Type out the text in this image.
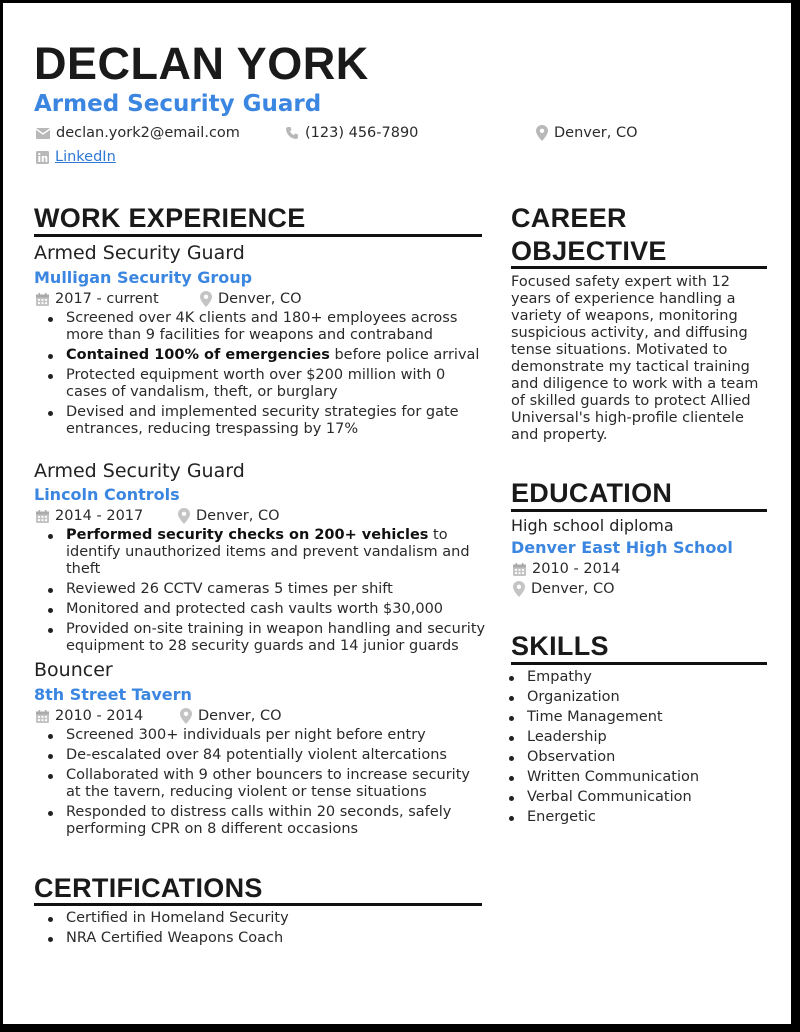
DECLAN YORK
Armed Security Guard
declan.york2@email.com	(123) 456-7890	Denver, CO
LinkedIn
WORK EXPERIENCE
Armed Security Guard
Mulligan Security Group
2017 - current	Denver, CO
Screened over 4K clients and 180+ employees across more than 9 facilities for weapons and contraband
Contained 100% of emergencies before police arrival
Protected equipment worth over $200 million with 0 cases of vandalism, theft, or burglary
Devised and implemented security strategies for gate entrances, reducing trespassing by 17%
Armed Security Guard
Lincoln Controls
2014 - 2017	Denver, CO
Performed security checks on 200+ vehicles to identify unauthorized items and prevent vandalism and theft
Reviewed 26 CCTV cameras 5 times per shift
Monitored and protected cash vaults worth $30,000
Provided on-site training in weapon handling and security equipment to 28 security guards and 14 junior guards
Bouncer
8th Street Tavern
2010 - 2014	Denver, CO
Screened 300+ individuals per night before entry
De-escalated over 84 potentially violent altercations
Collaborated with 9 other bouncers to increase security at the tavern, reducing violent or tense situations
Responded to distress calls within 20 seconds, safely performing CPR on 8 different occasions
CERTIFICATIONS
Certified in Homeland Security
NRA Certified Weapons Coach
CAREER
OBJECTIVE
Focused safety expert with 12 years of experience handling a variety of weapons, monitoring suspicious activity, and diffusing tense situations. Motivated to demonstrate my tactical training and diligence to work with a team of skilled guards to protect Allied Universal's high-profile clientele and property.
EDUCATION
High school diploma
Denver East High School
2010 - 2014
Denver, CO
SKILLS
Empathy
Organization
Time Management
Leadership
Observation
Written Communication
Verbal Communication
Energetic
